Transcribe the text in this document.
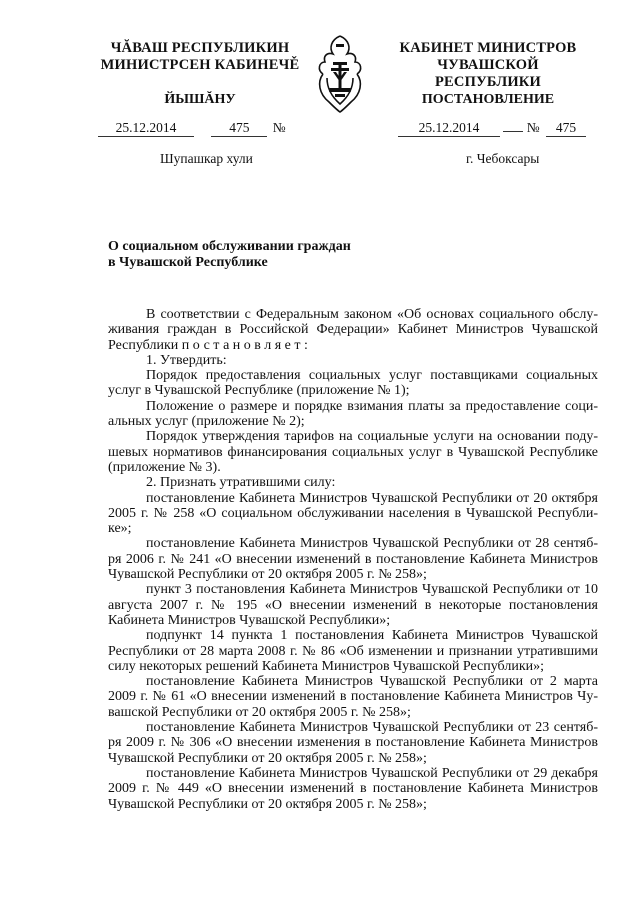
ЧĂВАШ РЕСПУБЛИКИН
МИНИСТРСЕН КАБИНЕЧĚ
ЙЫШĂНУ
КАБИНЕТ МИНИСТРОВ
ЧУВАШСКОЙ РЕСПУБЛИКИ
ПОСТАНОВЛЕНИЕ
25.12.2014	475 №	25.12.2014	№ 475
Шупашкар хули	г. Чебоксары
О социальном обслуживании граждан
в Чувашской Республике

В соответствии с Федеральным законом «Об основах социального обслу-живания граждан в Российской Федерации» Кабинет Министров Чувашской Республики постановляет:

1. Утвердить:

Порядок предоставления социальных услуг поставщиками социальных услуг в Чувашской Республике (приложение № 1);

Положение о размере и порядке взимания платы за предоставление соци-альных услуг (приложение № 2);

Порядок утверждения тарифов на социальные услуги на основании поду-шевых нормативов финансирования социальных услуг в Чувашской Республике (приложение № 3).

2. Признать утратившими силу:

постановление Кабинета Министров Чувашской Республики от 20 октября 2005 г. № 258 «О социальном обслуживании населения в Чувашской Республи-ке»;

постановление Кабинета Министров Чувашской Республики от 28 сентяб-ря 2006 г. № 241 «О внесении изменений в постановление Кабинета Министров Чувашской Республики от 20 октября 2005 г. № 258»;

пункт 3 постановления Кабинета Министров Чувашской Республики от 10 августа 2007 г. № 195 «О внесении изменений в некоторые постановления Кабинета Министров Чувашской Республики»;

подпункт 14 пункта 1 постановления Кабинета Министров Чувашской Республики от 28 марта 2008 г. № 86 «Об изменении и признании утратившими силу некоторых решений Кабинета Министров Чувашской Республики»;

постановление Кабинета Министров Чувашской Республики от 2 марта 2009 г. № 61 «О внесении изменений в постановление Кабинета Министров Чу-вашской Республики от 20 октября 2005 г. № 258»;

постановление Кабинета Министров Чувашской Республики от 23 сентяб-ря 2009 г. № 306 «О внесении изменения в постановление Кабинета Министров Чувашской Республики от 20 октября 2005 г. № 258»;

постановление Кабинета Министров Чувашской Республики от 29 декабря 2009 г. № 449 «О внесении изменений в постановление Кабинета Министров Чувашской Республики от 20 октября 2005 г. № 258»;
